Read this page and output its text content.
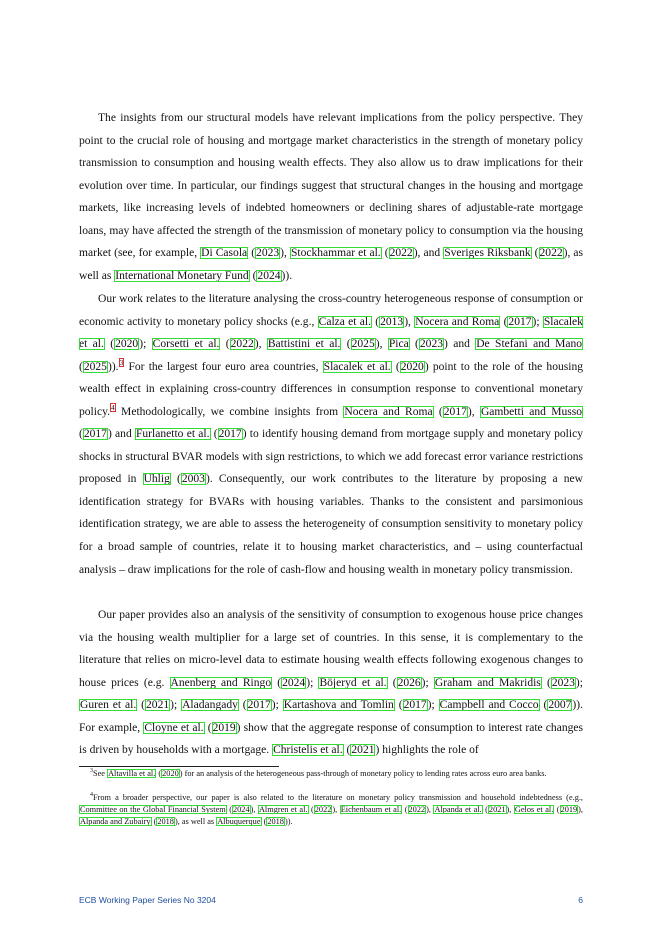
The insights from our structural models have relevant implications from the policy perspective. They point to the crucial role of housing and mortgage market characteristics in the strength of monetary policy transmission to consumption and housing wealth effects. They also allow us to draw implications for their evolution over time. In particular, our findings suggest that structural changes in the housing and mortgage markets, like increasing levels of indebted homeowners or declining shares of adjustable-rate mortgage loans, may have affected the strength of the transmission of monetary policy to consumption via the housing market (see, for example, Di Casola (2023), Stockhammar et al. (2022), and Sveriges Riksbank (2022), as well as International Monetary Fund (2024)).

Our work relates to the literature analysing the cross-country heterogeneous response of consumption or economic activity to monetary policy shocks (e.g., Calza et al. (2013), Nocera and Roma (2017); Slacalek et al. (2020); Corsetti et al. (2022), Battistini et al. (2025), Pica (2023) and De Stefani and Mano (2025)).$^3$ For the largest four euro area countries, Slacalek et al. (2020) point to the role of the housing wealth effect in explaining cross-country differences in consumption response to conventional monetary policy.$^4$ Methodologically, we combine insights from Nocera and Roma (2017), Gambetti and Musso (2017) and Furlanetto et al. (2017) to identify housing demand from mortgage supply and monetary policy shocks in structural BVAR models with sign restrictions, to which we add forecast error variance restrictions proposed in Uhlig (2003). Consequently, our work contributes to the literature by proposing a new identification strategy for BVARs with housing variables. Thanks to the consistent and parsimonious identification strategy, we are able to assess the heterogeneity of consumption sensitivity to monetary policy for a broad sample of countries, relate it to housing market characteristics, and – using counterfactual analysis – draw implications for the role of cash-flow and housing wealth in monetary policy transmission.

Our paper provides also an analysis of the sensitivity of consumption to exogenous house price changes via the housing wealth multiplier for a large set of countries. In this sense, it is complementary to the literature that relies on micro-level data to estimate housing wealth effects following exogenous changes to house prices (e.g. Anenberg and Ringo (2024); Böjeryd et al. (2026); Graham and Makridis (2023); Guren et al. (2021); Aladangady (2017); Kartashova and Tomlin (2017); Campbell and Cocco (2007)). For example, Cloyne et al. (2019) show that the aggregate response of consumption to interest rate changes is driven by households with a mortgage. Christelis et al. (2021) highlights the role of

$^3$See Altavilla et al. (2020) for an analysis of the heterogeneous pass-through of monetary policy to lending rates across euro area banks.

$^4$From a broader perspective, our paper is also related to the literature on monetary policy transmission and household indebtedness (e.g., Committee on the Global Financial System (2024), Almgren et al. (2022), Eichenbaum et al. (2022), Alpanda et al. (2021), Gelos et al. (2019), Alpanda and Zubairy (2018), as well as Albuquerque (2018)).

ECB Working Paper Series No 3204	6
